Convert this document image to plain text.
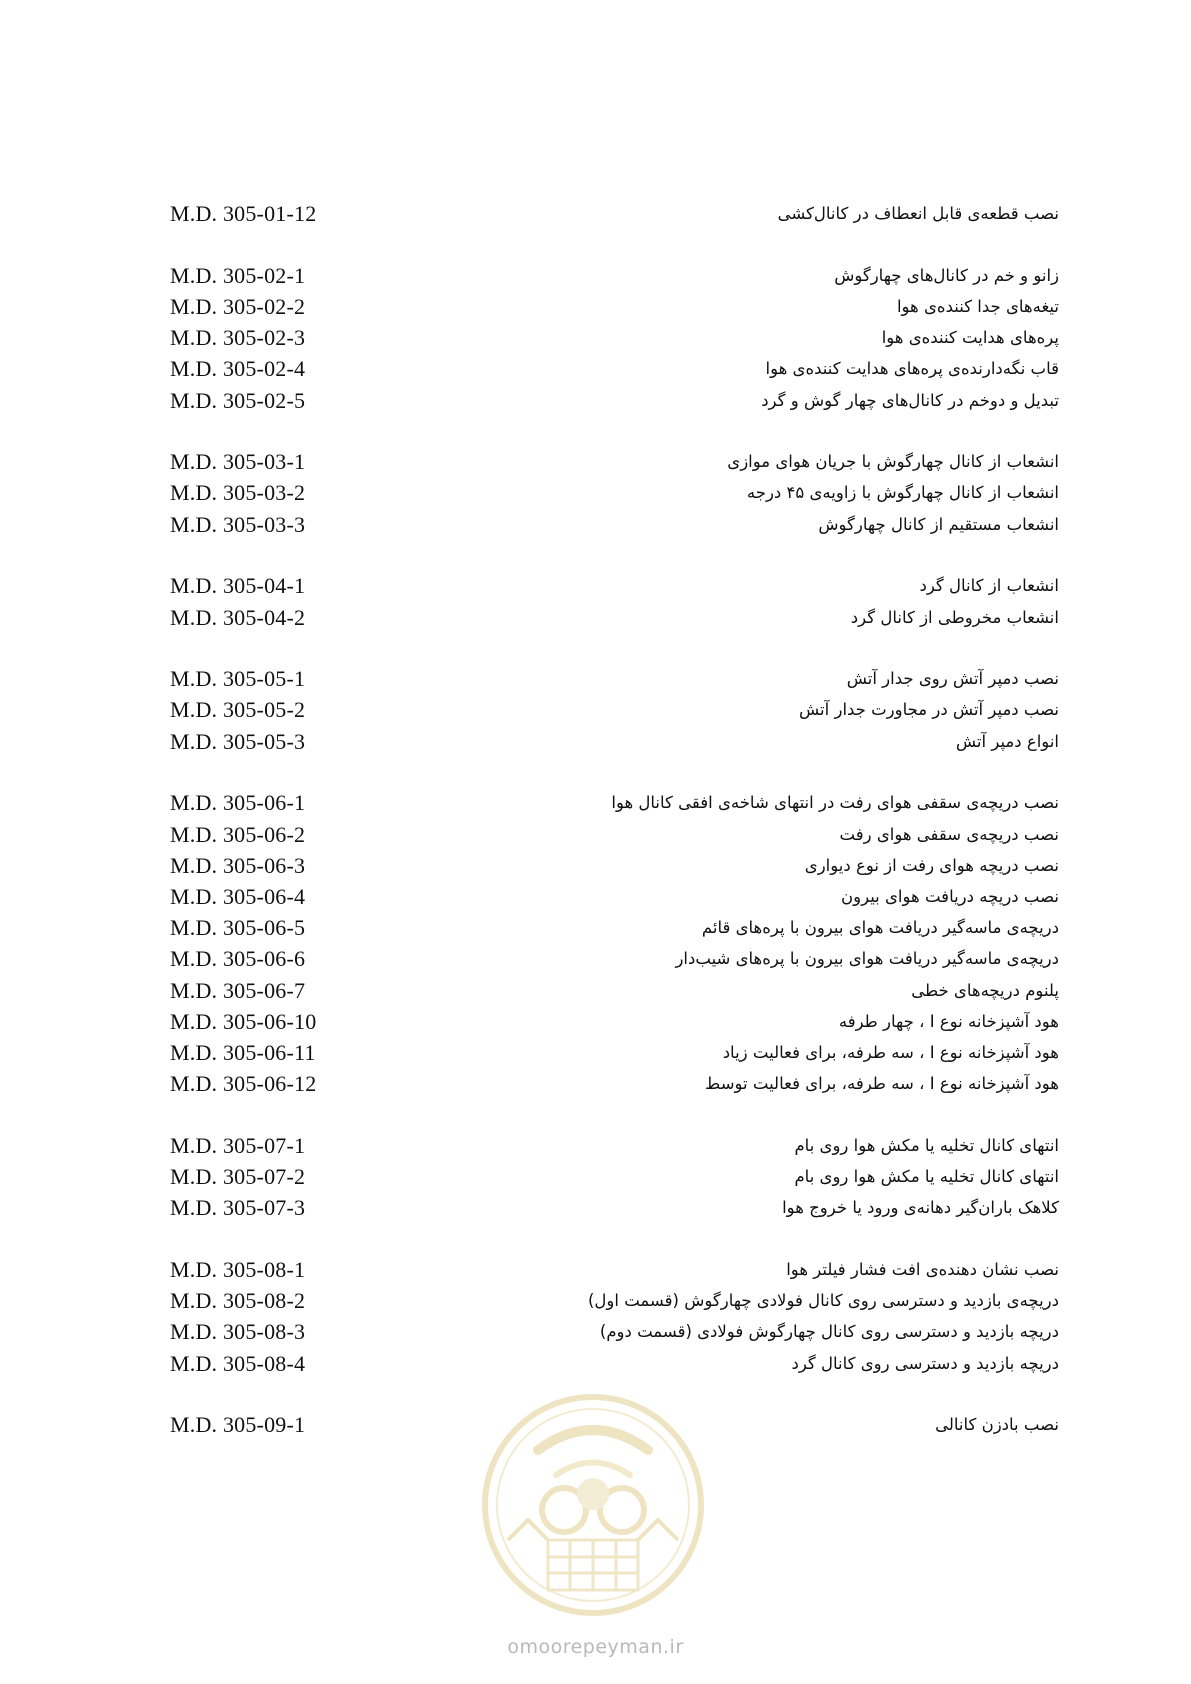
M.D. 305-01-12	نصب قطعه‌ی قابل انعطاف در کانال‌کشی
M.D. 305-02-1	زانو و خم در کانال‌های چهارگوش
M.D. 305-02-2	تیغه‌های جدا کننده‌ی هوا
M.D. 305-02-3	پره‌های هدایت کننده‌ی هوا
M.D. 305-02-4	قاب نگه‌دارنده‌ی پره‌های هدایت کننده‌ی هوا
M.D. 305-02-5	تبدیل و دوخم در کانال‌های چهار گوش و گرد
M.D. 305-03-1	انشعاب از کانال چهارگوش با جریان هوای موازی
M.D. 305-03-2	انشعاب از کانال چهارگوش با زاویه‌ی ۴۵ درجه
M.D. 305-03-3	انشعاب مستقیم از کانال چهارگوش
M.D. 305-04-1	انشعاب از کانال گرد
M.D. 305-04-2	انشعاب مخروطی از کانال گرد
M.D. 305-05-1	نصب دمپر آتش روی جدار آتش
M.D. 305-05-2	نصب دمپر آتش در مجاورت جدار آتش
M.D. 305-05-3	انواع دمپر آتش
M.D. 305-06-1	نصب دریچه‌ی سقفی هوای رفت در انتهای شاخه‌ی افقی کانال هوا
M.D. 305-06-2	نصب دریچه‌ی سقفی هوای رفت
M.D. 305-06-3	نصب دریچه هوای رفت از نوع دیواری
M.D. 305-06-4	نصب دریچه دریافت هوای بیرون
M.D. 305-06-5	دریچه‌ی ماسه‌گیر دریافت هوای بیرون با پره‌های قائم
M.D. 305-06-6	دریچه‌ی ماسه‌گیر دریافت هوای بیرون با پره‌های شیب‌دار
M.D. 305-06-7	پلنوم دریچه‌های خطی
M.D. 305-06-10	هود آشپزخانه نوع I ، چهار طرفه
M.D. 305-06-11	هود آشپزخانه نوع I ، سه طرفه، برای فعالیت زیاد
M.D. 305-06-12	هود آشپزخانه نوع I ، سه طرفه، برای فعالیت توسط
M.D. 305-07-1	انتهای کانال تخلیه یا مکش هوا روی بام
M.D. 305-07-2	انتهای کانال تخلیه یا مکش هوا روی بام
M.D. 305-07-3	کلاهک باران‌گیر دهانه‌ی ورود یا خروج هوا
M.D. 305-08-1	نصب نشان دهنده‌ی افت فشار فیلتر هوا
M.D. 305-08-2	دریچه‌ی بازدید و دسترسی روی کانال فولادی چهارگوش (قسمت اول)
M.D. 305-08-3	دریچه بازدید و دسترسی روی کانال چهارگوش فولادی (قسمت دوم)
M.D. 305-08-4	دریچه بازدید و دسترسی روی کانال گرد
M.D. 305-09-1	نصب بادزن کانالی
omoorepeyman.ir
